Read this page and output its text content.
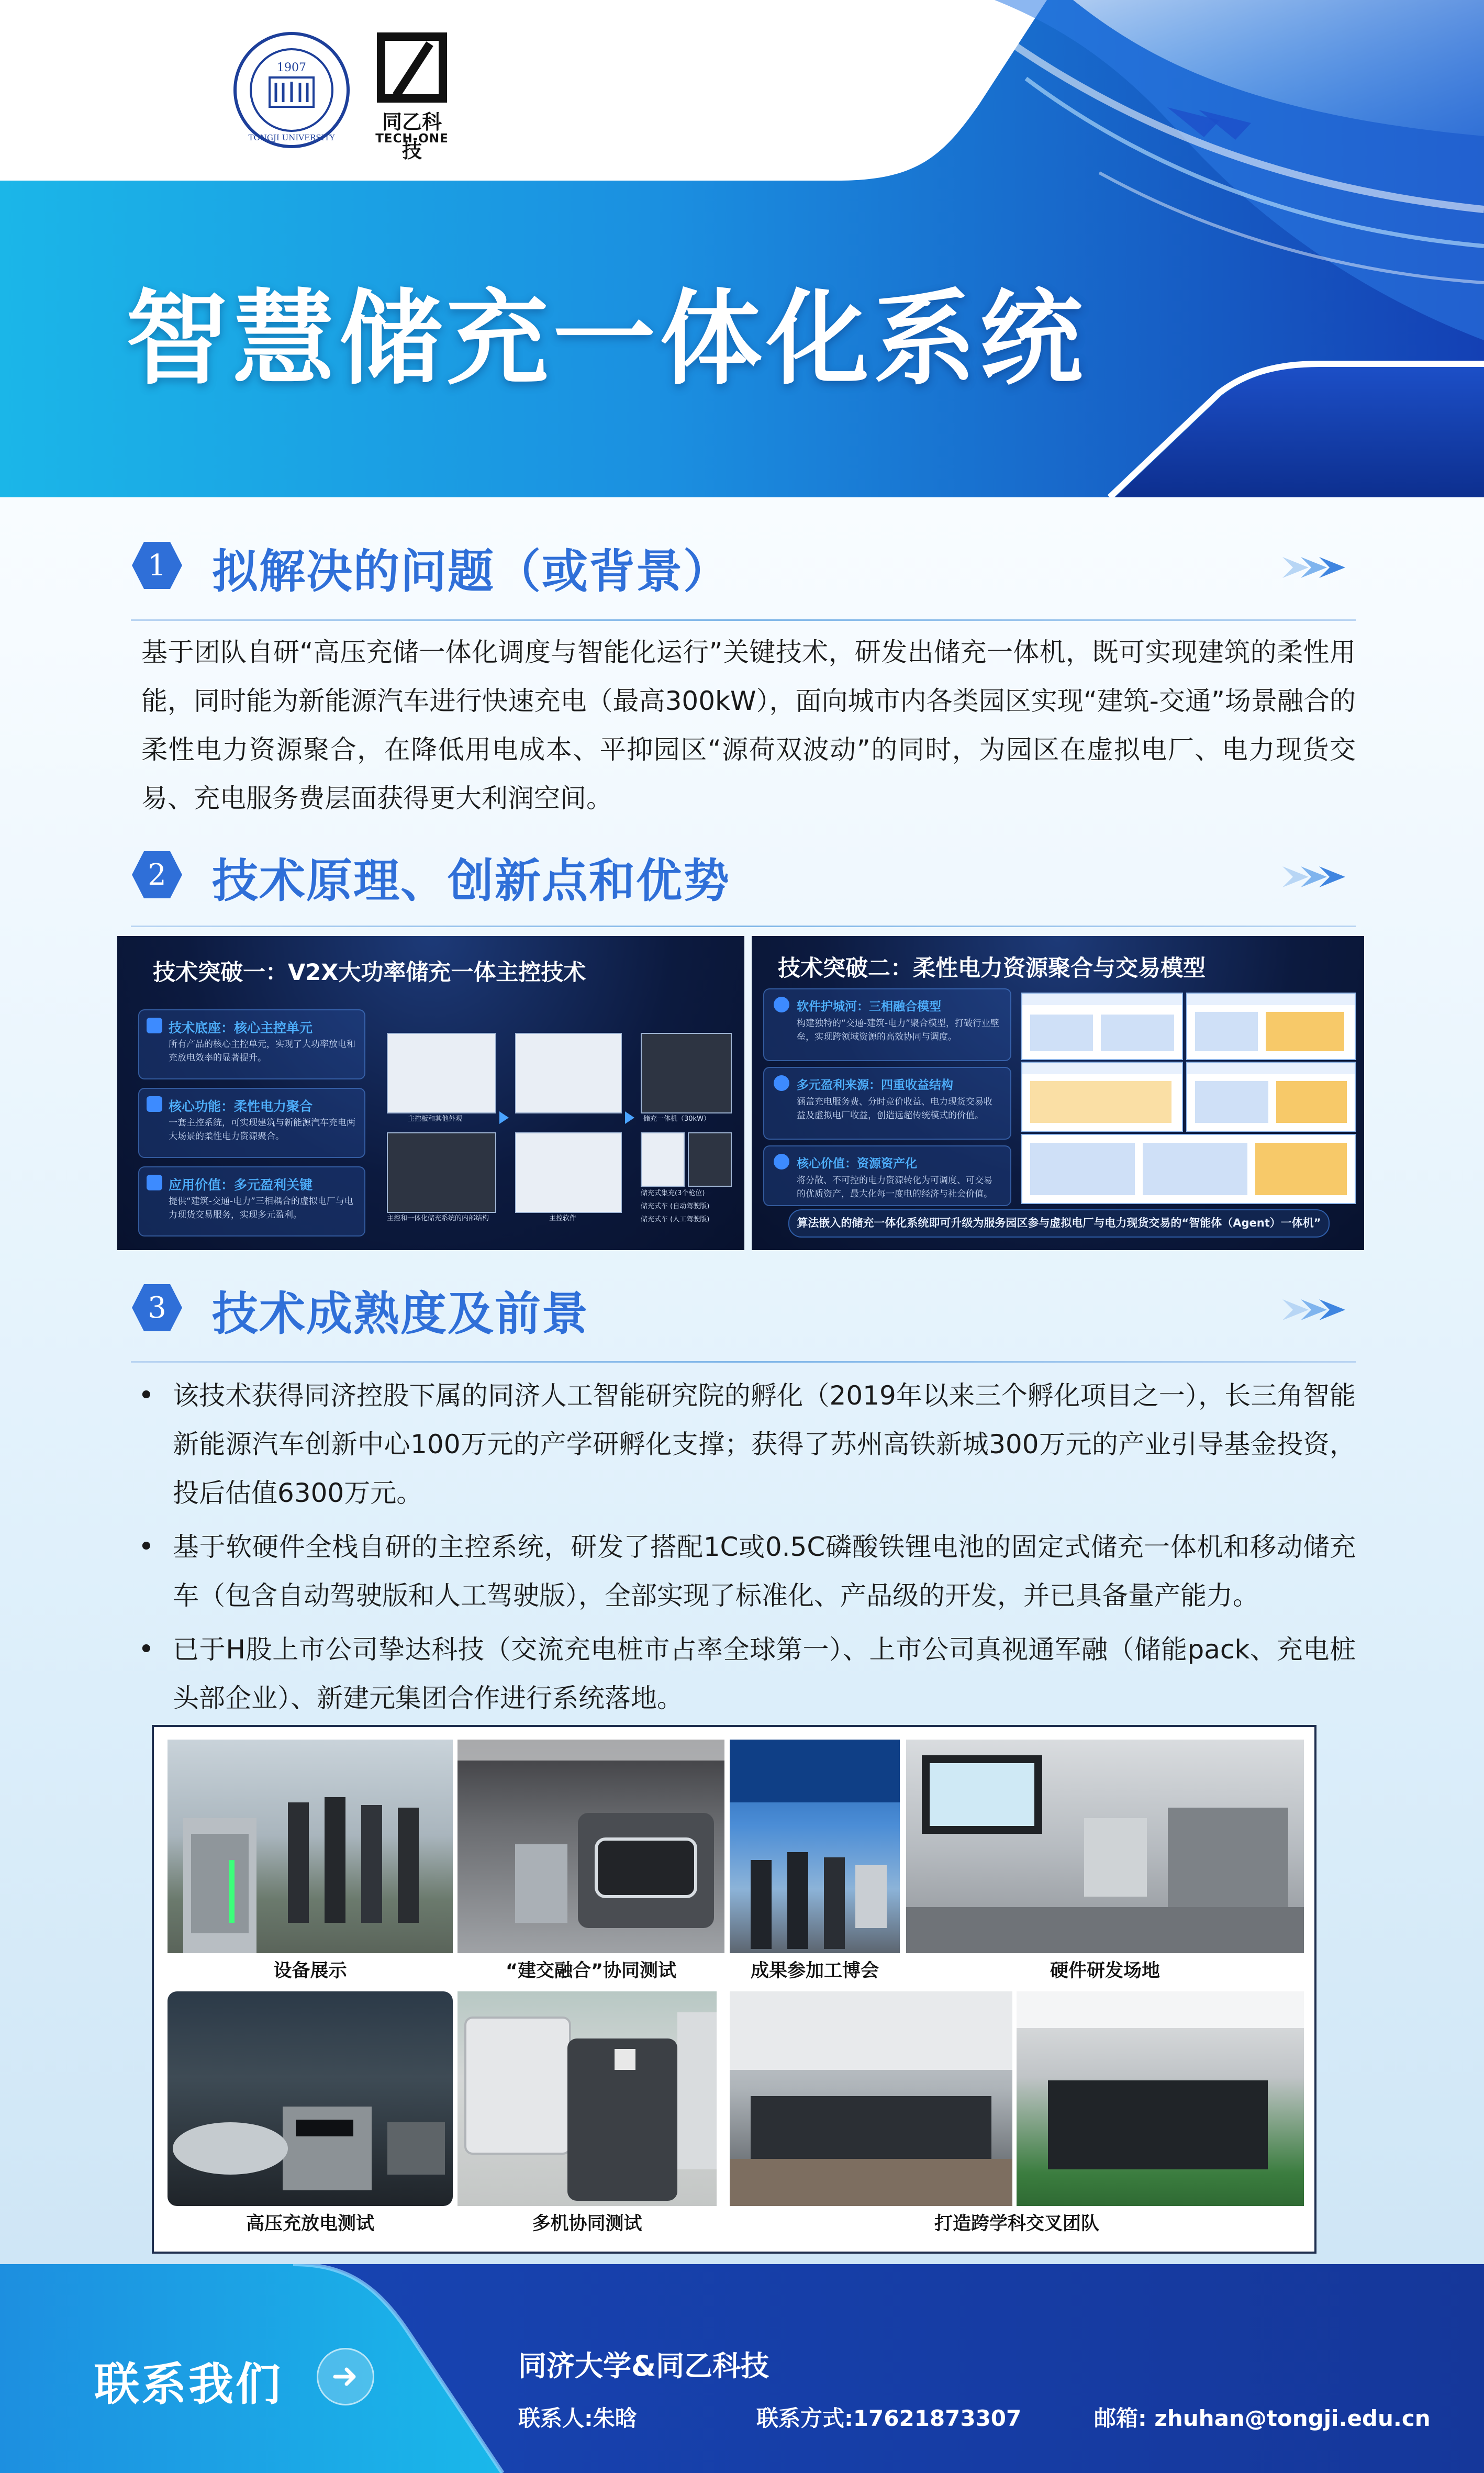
1907
TONGJI UNIVERSITY
同乙科技
TECH-ONE
智慧储充一体化系统
1 拟解决的问题（或背景）
基于团队自研“高压充储一体化调度与智能化运行”关键技术，研发出储充一体机，既可实现建筑的柔性用能，同时能为新能源汽车进行快速充电（最高300kW），面向城市内各类园区实现“建筑-交通”场景融合的柔性电力资源聚合，在降低用电成本、平抑园区“源荷双波动”的同时，为园区在虚拟电厂、电力现货交易、充电服务费层面获得更大利润空间。
2 技术原理、创新点和优势
技术突破一：V2X大功率储充一体主控技术
技术底座：核心主控单元
所有产品的核心主控单元，实现了大功率放电和充放电效率的显著提升。
核心功能：柔性电力聚合
一套主控系统，可实现建筑与新能源汽车充电两大场景的柔性电力资源聚合。
应用价值：多元盈利关键
提供“建筑-交通-电力”三相耦合的虚拟电厂与电力现货交易服务，实现多元盈利。
主控板和其他外观
主控和一体化储充系统的内部结构	主控软件
储充一体机（30kW）
储充式集充(3个枪位)
储充式车 (自动驾驶版)
储充式车 (人工驾驶版)
技术突破二：柔性电力资源聚合与交易模型
软件护城河：三相融合模型
构建独特的“交通-建筑-电力”聚合模型，打破行业壁垒，实现跨领域资源的高效协同与调度。
多元盈利来源：四重收益结构
涵盖充电服务费、分时竞价收益、电力现货交易收益及虚拟电厂收益，创造远超传统模式的价值。
核心价值：资源资产化
将分散、不可控的电力资源转化为可调度、可交易的优质资产，最大化每一度电的经济与社会价值。
算法嵌入的储充一体化系统即可升级为服务园区参与虚拟电厂与电力现货交易的“智能体（Agent）一体机”
3 技术成熟度及前景
• 该技术获得同济控股下属的同济人工智能研究院的孵化（2019年以来三个孵化项目之一），长三角智能新能源汽车创新中心100万元的产学研孵化支撑；获得了苏州高铁新城300万元的产业引导基金投资，投后估值6300万元。
• 基于软硬件全栈自研的主控系统，研发了搭配1C或0.5C磷酸铁锂电池的固定式储充一体机和移动储充车（包含自动驾驶版和人工驾驶版），全部实现了标准化、产品级的开发，并已具备量产能力。
• 已于H股上市公司挚达科技（交流充电桩市占率全球第一）、上市公司真视通军融（储能pack、充电桩头部企业）、新建元集团合作进行系统落地。
设备展示	“建交融合”协同测试	成果参加工博会	硬件研发场地
高压充放电测试	多机协同测试	打造跨学科交叉团队
联系我们	同济大学&同乙科技
联系人:朱晗	联系方式:17621873307	邮箱: zhuhan@tongji.edu.cn
